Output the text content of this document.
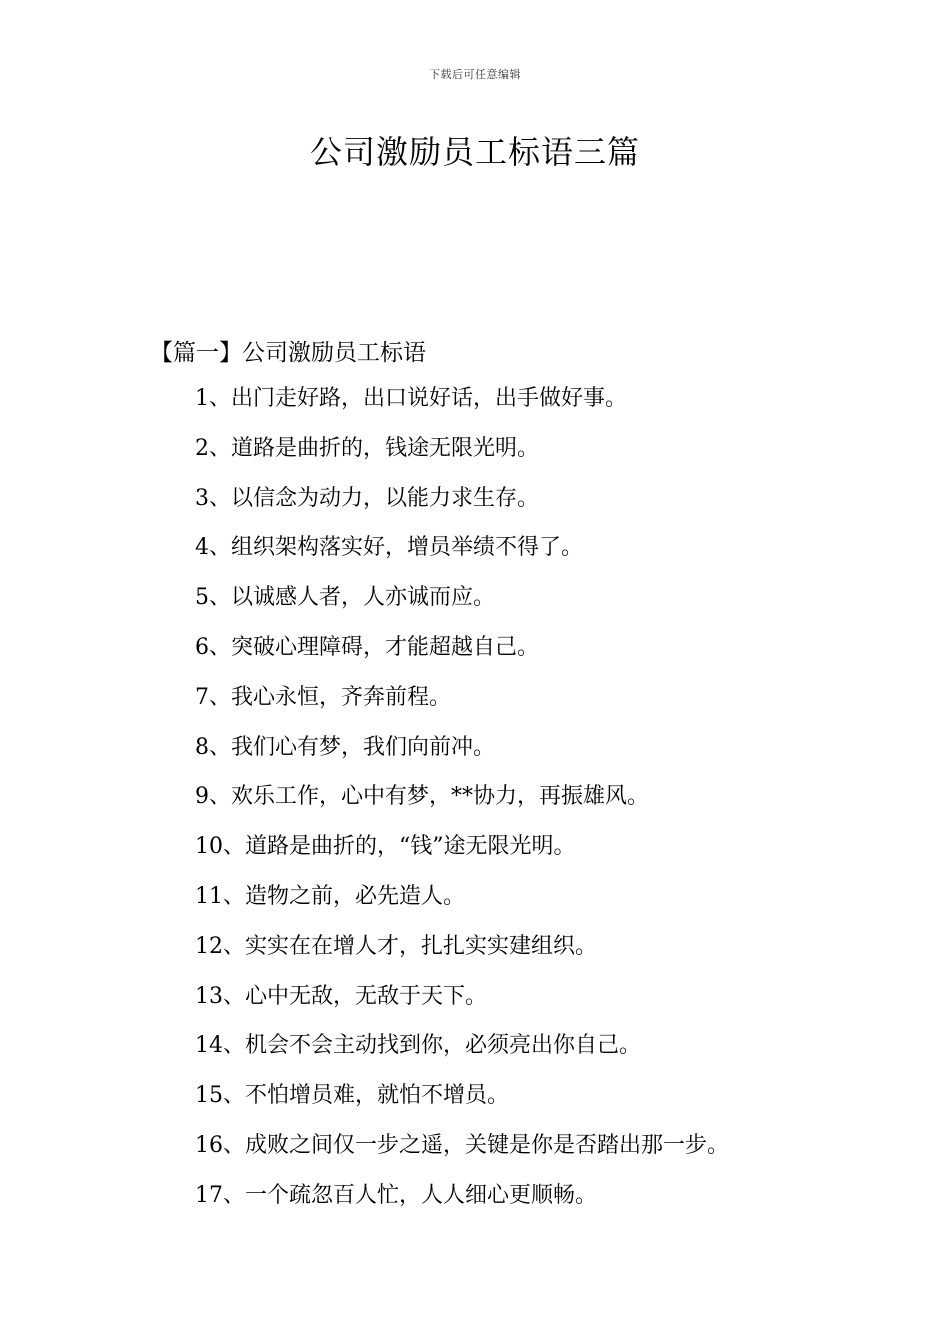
下载后可任意编辑
公司激励员工标语三篇
【篇一】公司激励员工标语
1、出门走好路，出口说好话，出手做好事。
2、道路是曲折的，钱途无限光明。
3、以信念为动力，以能力求生存。
4、组织架构落实好，增员举绩不得了。
5、以诚感人者，人亦诚而应。
6、突破心理障碍，才能超越自己。
7、我心永恒，齐奔前程。
8、我们心有梦，我们向前冲。
9、欢乐工作，心中有梦，**协力，再振雄风。
10、道路是曲折的，“钱”途无限光明。
11、造物之前，必先造人。
12、实实在在增人才，扎扎实实建组织。
13、心中无敌，无敌于天下。
14、机会不会主动找到你，必须亮出你自己。
15、不怕增员难，就怕不增员。
16、成败之间仅一步之遥，关键是你是否踏出那一步。
17、一个疏忽百人忙，人人细心更顺畅。
